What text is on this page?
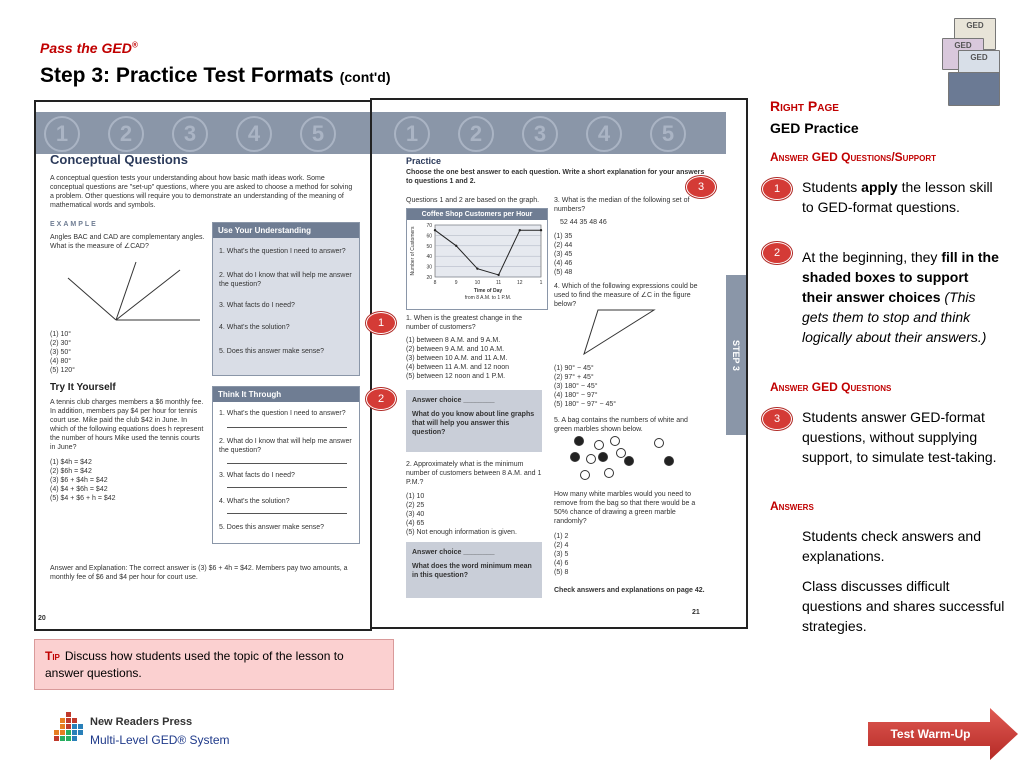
Pass the GED®
Step 3: Practice Test Formats (cont'd)
GED
GED
GED
1	2	3	4	5
Conceptual Questions
A conceptual question tests your understanding about how basic math ideas work. Some conceptual questions are "set-up" questions, where you are asked to choose a method for solving a problem. Other questions will require you to demonstrate an understanding of the meaning of mathematical words and symbols.
EXAMPLE
Angles BAC and CAD are complementary angles. What is the measure of ∠CAD?
(1) 10°
(2) 30°
(3) 50°
(4) 80°
(5) 120°
Use Your Understanding
1. What's the question I need to answer?
2. What do I know that will help me answer the question?
3. What facts do I need?
4. What's the solution?
5. Does this answer make sense?
Try It Yourself
A tennis club charges members a $6 monthly fee. In addition, members pay $4 per hour for tennis court use. Mike paid the club $42 in June. In which of the following equations does h represent the number of hours Mike used the tennis courts in June?
(1) $4h = $42
(2) $6h = $42
(3) $6 + $4h = $42
(4) $4 + $6h = $42
(5) $4 + $6 + h = $42
Think It Through
1. What's the question I need to answer?
2. What do I know that will help me answer the question?
3. What facts do I need?
4. What's the solution?
5. Does this answer make sense?
Answer and Explanation: The correct answer is (3) $6 + 4h = $42. Members pay two amounts, a monthly fee of $6 and $4 per hour for court use.
20
1	2	3	4	5
Practice
Choose the one best answer to each question. Write a short explanation for your answers to questions 1 and 2.
Questions 1 and 2 are based on the graph.
Coffee Shop Customers per Hour
20
30
40
50
60
70
8	9	10	11	12	1
Number of Customers
Time of Day
from 8 A.M. to 1 P.M.
1. When is the greatest change in the number of customers?
(1) between 8 A.M. and 9 A.M.
(2) between 9 A.M. and 10 A.M.
(3) between 10 A.M. and 11 A.M.
(4) between 11 A.M. and 12 noon
(5) between 12 noon and 1 P.M.
Answer choice ________
What do you know about line graphs that will help you answer this question?
2. Approximately what is the minimum number of customers between 8 A.M. and 1 P.M.?
(1) 10
(2) 25
(3) 40
(4) 65
(5) Not enough information is given.
Answer choice ________
What does the word minimum mean in this question?
3. What is the median of the following set of numbers?
52 44 35 48 46
(1) 35
(2) 44
(3) 45
(4) 46
(5) 48
4. Which of the following expressions could be used to find the measure of ∠C in the figure below?
(1) 90° − 45°
(2) 97° + 45°
(3) 180° − 45°
(4) 180° − 97°
(5) 180° − 97° − 45°
5. A bag contains the numbers of white and green marbles shown below.
How many white marbles would you need to remove from the bag so that there would be a 50% chance of drawing a green marble randomly?
(1) 2
(2) 4
(3) 5
(4) 6
(5) 8
Check answers and explanations on page 42.
STEP 3
21
3
1
2
Right Page
GED Practice
Answer GED Questions/Support
1	Students apply the lesson skill to GED-format questions.
2	At the beginning, they fill in the shaded boxes to support their answer choices (This gets them to stop and think logically about their answers.)
Answer GED Questions
3	Students answer GED-format questions, without supplying support, to simulate test-taking.
Answers
Students check answers and explanations.
Class discusses difficult questions and shares successful strategies.
Tip Discuss how students used the topic of the lesson to answer questions.
New Readers Press
Multi-Level GED® System	Test Warm-Up
